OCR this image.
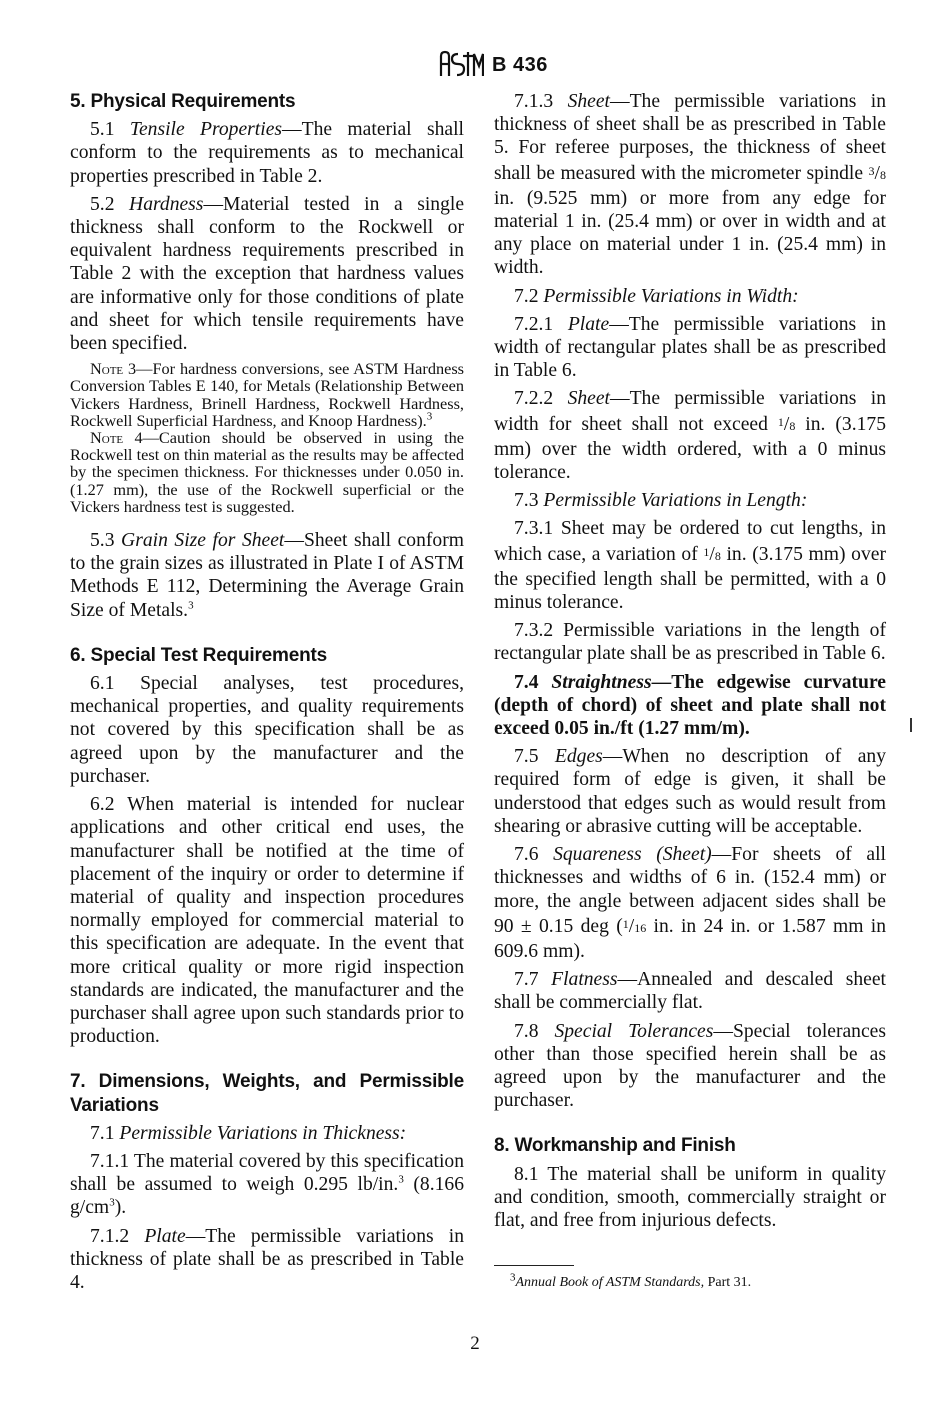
B 436
5. Physical Requirements

5.1 Tensile Properties—The material shall conform to the requirements as to mechanical properties prescribed in Table 2.

5.2 Hardness—Material tested in a single thickness shall conform to the Rockwell or equivalent hardness requirements prescribed in Table 2 with the exception that hardness values are informative only for those conditions of plate and sheet for which tensile requirements have been specified.

Note 3—For hardness conversions, see ASTM Hardness Conversion Tables E 140, for Metals (Relationship Between Vickers Hardness, Brinell Hardness, Rockwell Hardness, Rockwell Superficial Hardness, and Knoop Hardness).$^3$

Note 4—Caution should be observed in using the Rockwell test on thin material as the results may be affected by the specimen thickness. For thicknesses under 0.050 in. (1.27 mm), the use of the Rockwell superficial or the Vickers hardness test is suggested.

5.3 Grain Size for Sheet—Sheet shall conform to the grain sizes as illustrated in Plate I of ASTM Methods E 112, Determining the Average Grain Size of Metals.$^3$

6. Special Test Requirements

6.1 Special analyses, test procedures, mechanical properties, and quality requirements not covered by this specification shall be as agreed upon by the manufacturer and the purchaser.

6.2 When material is intended for nuclear applications and other critical end uses, the manufacturer shall be notified at the time of placement of the inquiry or order to determine if material of quality and inspection procedures normally employed for commercial material to this specification are adequate. In the event that more critical quality or more rigid inspection standards are indicated, the manufacturer and the purchaser shall agree upon such standards prior to production.

7. Dimensions, Weights, and Permissible Variations

7.1 Permissible Variations in Thickness:

7.1.1 The material covered by this specification shall be assumed to weigh 0.295 lb/in.$^3$ (8.166 $g/cm^3$).

7.1.2 Plate—The permissible variations in thickness of plate shall be as prescribed in Table 4.

7.1.3 Sheet—The permissible variations in thickness of sheet shall be as prescribed in Table 5. For referee purposes, the thickness of sheet shall be measured with the micrometer spindle $^3$/8 in. (9.525 mm) or more from any edge for material 1 in. (25.4 mm) or over in width and at any place on material under 1 in. (25.4 mm) in width.

7.2 Permissible Variations in Width:

7.2.1 Plate—The permissible variations in width of rectangular plates shall be as prescribed in Table 6.

7.2.2 Sheet—The permissible variations in width for sheet shall not exceed $^1$/8 in. (3.175 mm) over the width ordered, with a 0 minus tolerance.

7.3 Permissible Variations in Length:

7.3.1 Sheet may be ordered to cut lengths, in which case, a variation of $^1$/8 in. (3.175 mm) over the specified length shall be permitted, with a 0 minus tolerance.

7.3.2 Permissible variations in the length of rectangular plate shall be as prescribed in Table 6.

7.4 Straightness—The edgewise curvature (depth of chord) of sheet and plate shall not exceed 0.05 in./ft (1.27 mm/m).

7.5 Edges—When no description of any required form of edge is given, it shall be understood that edges such as would result from shearing or abrasive cutting will be acceptable.

7.6 Squareness (Sheet)—For sheets of all thicknesses and widths of 6 in. (152.4 mm) or more, the angle between adjacent sides shall be 90 ± 0.15 deg ($^1$/16 in. in 24 in. or 1.587 mm in 609.6 mm).

7.7 Flatness—Annealed and descaled sheet shall be commercially flat.

7.8 Special Tolerances—Special tolerances other than those specified herein shall be as agreed upon by the manufacturer and the purchaser.

8. Workmanship and Finish

8.1 The material shall be uniform in quality and condition, smooth, commercially straight or flat, and free from injurious defects.

$^3$Annual Book of ASTM Standards, Part 31.
2
